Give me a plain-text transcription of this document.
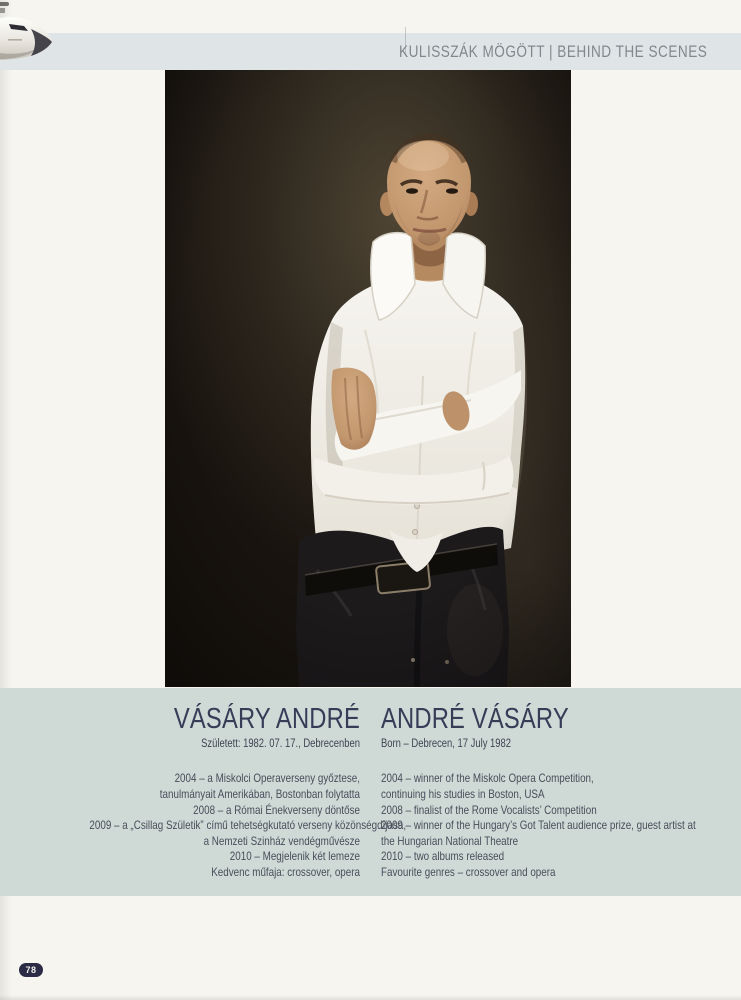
KULISSZÁK MÖGÖTT | BEHIND THE SCENES
VÁSÁRY ANDRÉ
Született: 1982. 07. 17., Debrecenben
2004 – a Miskolci Operaverseny győztese,
tanulmányait Amerikában, Bostonban folytatta
2008 – a Római Énekverseny döntőse
2009 – a „Csillag Születik” című tehetségkutató verseny közönségdíjasa,
a Nemzeti Szinház vendégművésze
2010 – Megjelenik két lemeze
Kedvenc műfaja: crossover, opera
ANDRÉ VÁSÁRY
Born – Debrecen, 17 July 1982
2004 – winner of the Miskolc Opera Competition,
continuing his studies in Boston, USA
2008 – finalist of the Rome Vocalists’ Competition
2009 – winner of the Hungary’s Got Talent audience prize, guest artist at
the Hungarian National Theatre
2010 – two albums released
Favourite genres – crossover and opera
78
